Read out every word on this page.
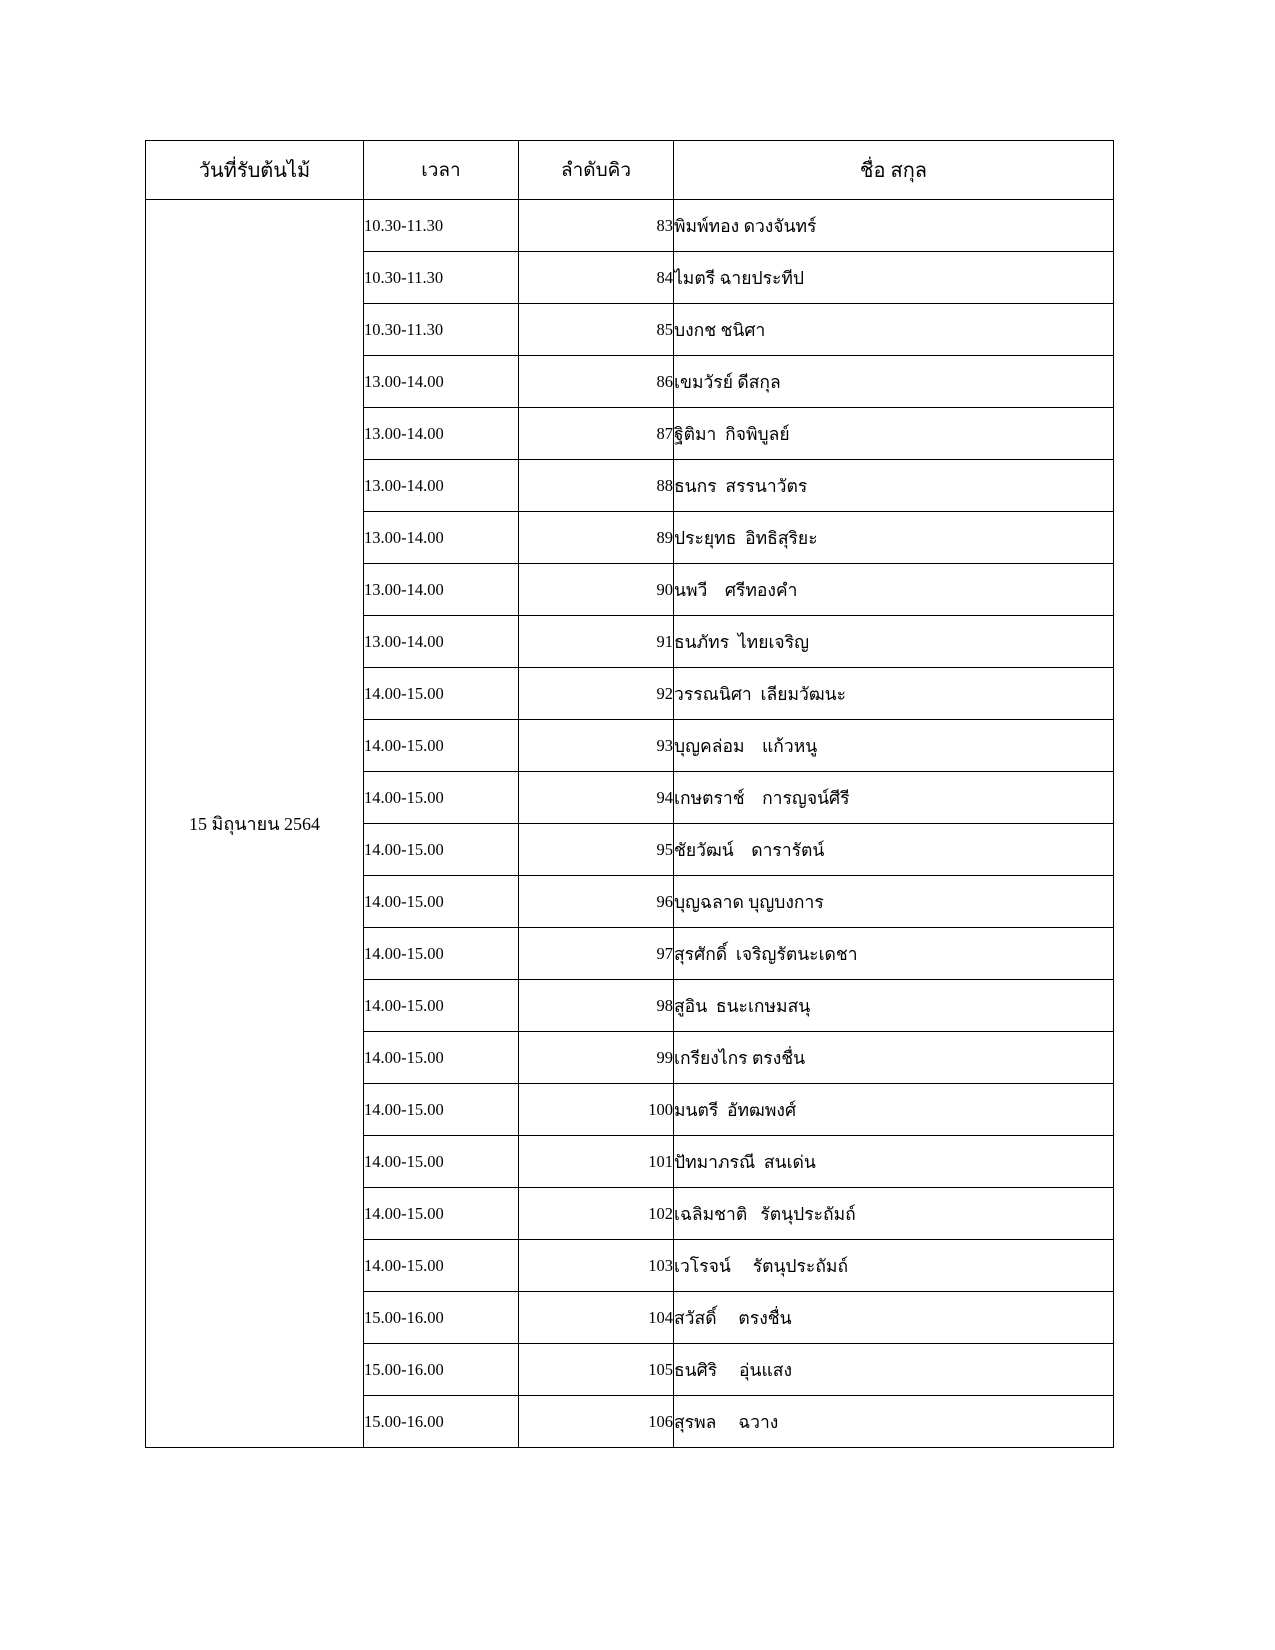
วันที่รับต้นไม้	เวลา	ลำดับคิว	ชื่อ สกุล
15 มิถุนายน 2564	10.30-11.30	83	พิมพ์ทอง ดวงจันทร์
	10.30-11.30	84	ไมตรี ฉายประทีป
	10.30-11.30	85	บงกช ชนิศา
	13.00-14.00	86	เขมวัรย์ ดีสกุล
	13.00-14.00	87	ฐิติมา  กิจพิบูลย์
	13.00-14.00	88	ธนกร  สรรนาวัตร
	13.00-14.00	89	ประยุทธ  อิทธิสุริยะ
	13.00-14.00	90	นพวี    ศรีทองคำ
	13.00-14.00	91	ธนภัทร  ไทยเจริญ
	14.00-15.00	92	วรรณนิศา  เลียมวัฒนะ
	14.00-15.00	93	บุญคล่อม    แก้วหนู
	14.00-15.00	94	เกษตราช์    การญจน์ศีรี
	14.00-15.00	95	ชัยวัฒน์    ดารารัตน์
	14.00-15.00	96	บุญฉลาด บุญบงการ
	14.00-15.00	97	สุรศักดิ์  เจริญรัตนะเดชา
	14.00-15.00	98	สูอิน  ธนะเกษมสนุ
	14.00-15.00	99	เกรียงไกร ตรงชื่น
	14.00-15.00	100	มนตรี  อัทฒพงศ์
	14.00-15.00	101	ปัทมาภรณี  สนเด่น
	14.00-15.00	102	เฉลิมชาติ   รัตนุประถัมถ์
	14.00-15.00	103	เวโรจน์     รัตนุประถัมถ์
	15.00-16.00	104	สวัสดิ์     ตรงชื่น
	15.00-16.00	105	ธนศิริ     อุ่นแสง
	15.00-16.00	106	สุรพล     ฉวาง
